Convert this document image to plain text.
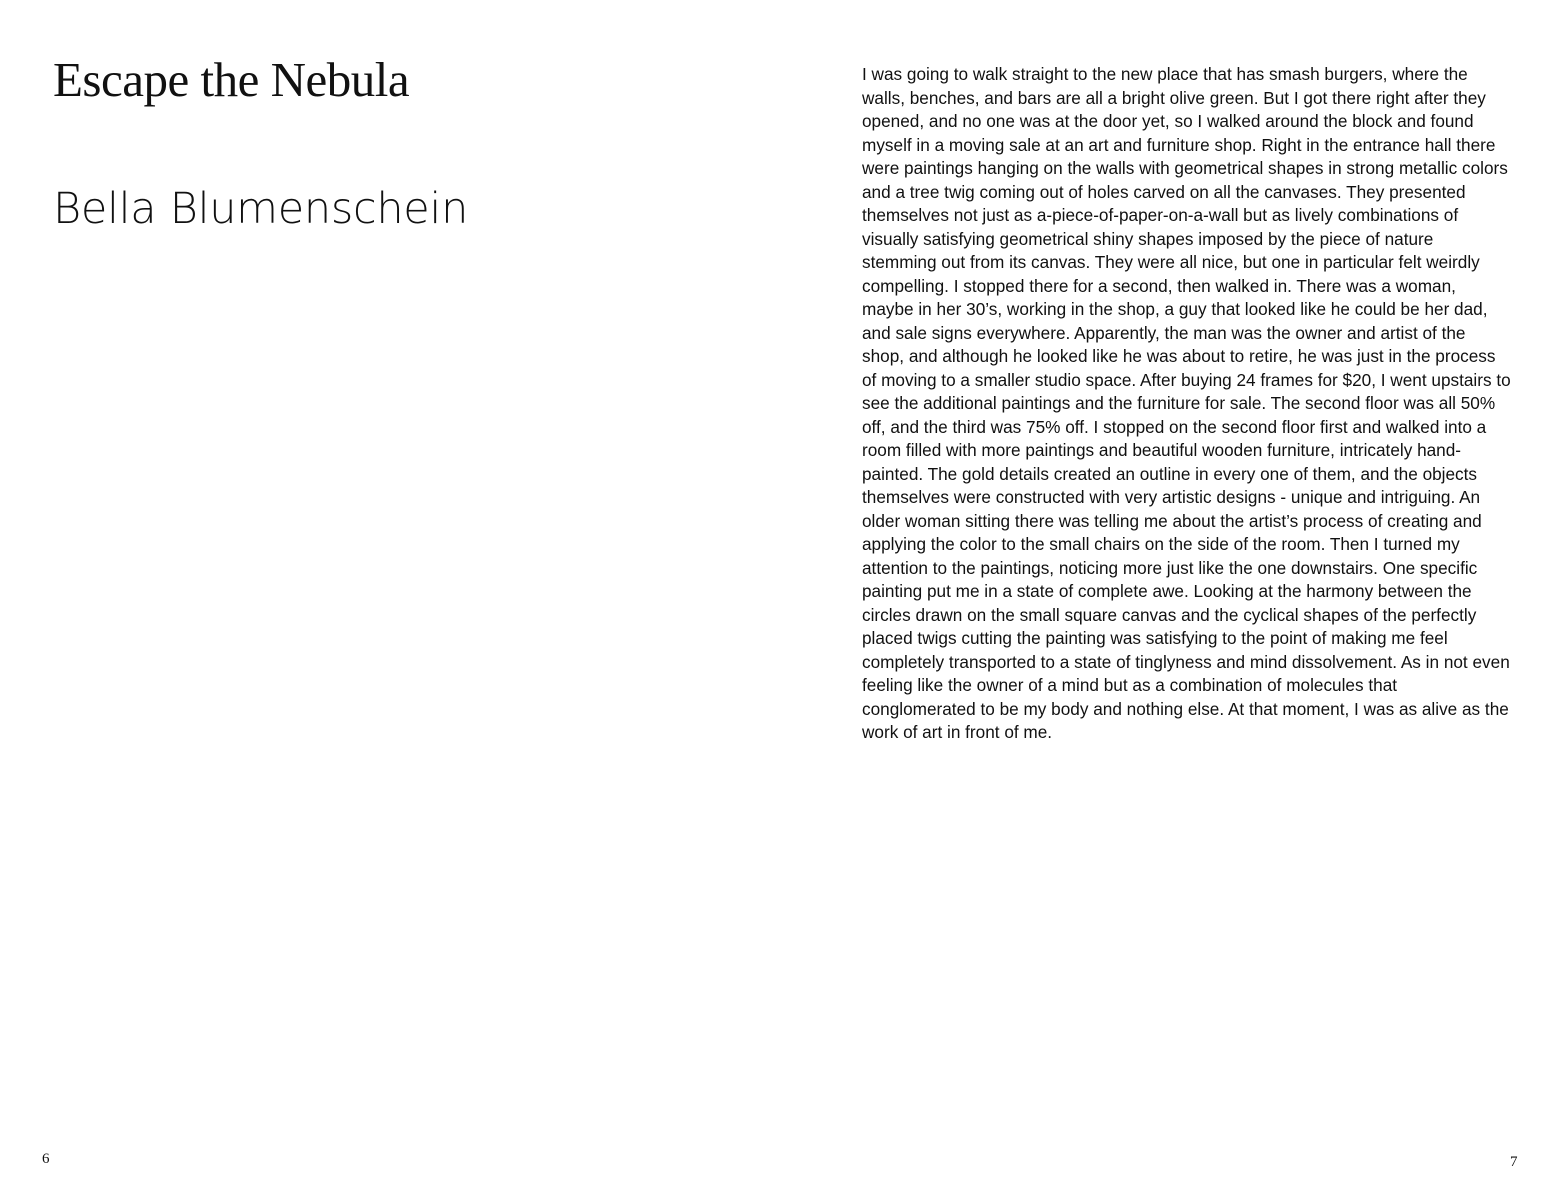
Escape the Nebula
Bella Blumenschein
6

I was going to walk straight to the new place that has smash burgers, where the walls, benches, and bars are all a bright olive green. But I got there right after they opened, and no one was at the door yet, so I walked around the block and found myself in a moving sale at an art and furniture shop. Right in the entrance hall there were paintings hanging on the walls with geometrical shapes in strong metallic colors and a tree twig coming out of holes carved on all the canvases. They presented themselves not just as a-piece-of-paper-on-a-wall but as lively combinations of visually satisfying geometrical shiny shapes imposed by the piece of nature stemming out from its canvas. They were all nice, but one in particular felt weirdly compelling. I stopped there for a second, then walked in. There was a woman, maybe in her 30’s, working in the shop, a guy that looked like he could be her dad, and sale signs everywhere. Apparently, the man was the owner and artist of the shop, and although he looked like he was about to retire, he was just in the process of moving to a smaller studio space. After buying 24 frames for $20, I went upstairs to see the additional paintings and the furniture for sale. The second floor was all 50% off, and the third was 75% off. I stopped on the second floor first and walked into a room filled with more paintings and beautiful wooden furniture, intricately hand-painted. The gold details created an outline in every one of them, and the objects themselves were constructed with very artistic designs - unique and intriguing. An older woman sitting there was telling me about the artist’s process of creating and applying the color to the small chairs on the side of the room. Then I turned my attention to the paintings, noticing more just like the one downstairs. One specific painting put me in a state of complete awe. Looking at the harmony between the circles drawn on the small square canvas and the cyclical shapes of the perfectly placed twigs cutting the painting was satisfying to the point of making me feel completely transported to a state of tinglyness and mind dissolvement. As in not even feeling like the owner of a mind but as a combination of molecules that conglomerated to be my body and nothing else. At that moment, I was as alive as the work of art in front of me.

7
